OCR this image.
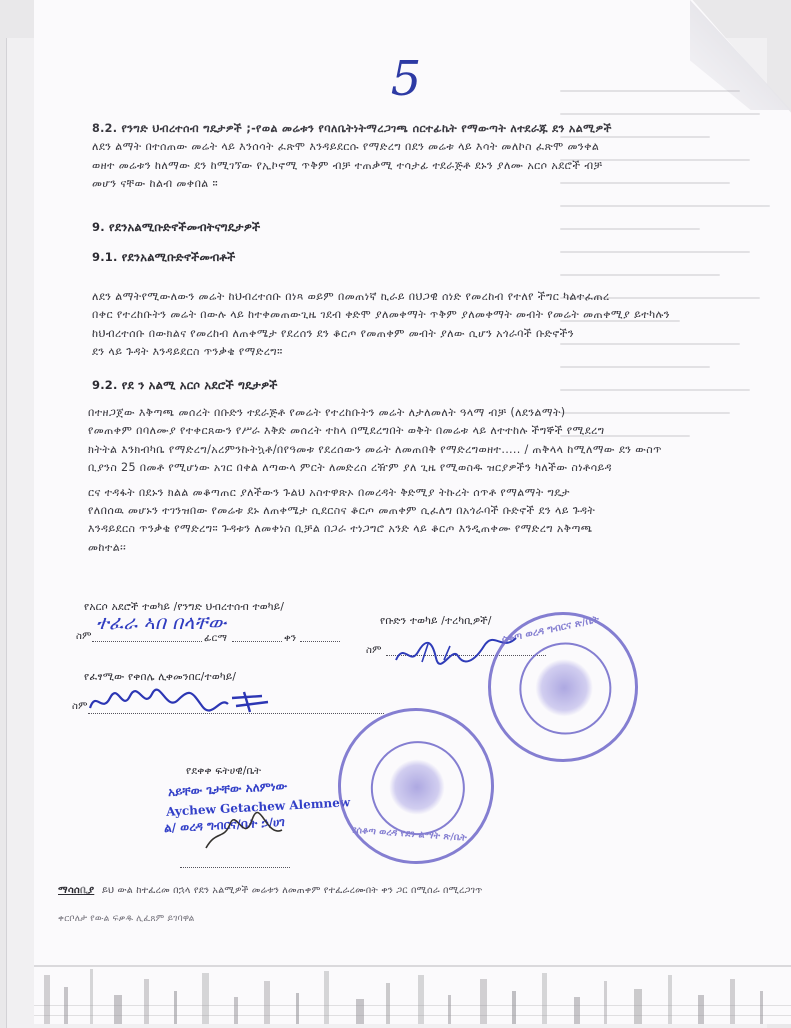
5
8.2. የንግድ ህብረተሰብ ግዴታዎች ;-የወል መሬቱን የባለቤትነትማረጋገጫ ሰርተፊኬት የማውጣት ለተደራጁ ደን አልሚዎች
ለደን ልማት በተሰጠው መሬት ላይ እንሰሳት ፈጽሞ እንዳይደርሱ የማድረግ በደን መሬቱ ላይ እሳት መለኮስ ፈጽሞ መንቀል
ወዘተ መሬቱን ከለማው ደን ከሚገኘው የኢኮኖሚ ጥቅም ብቻ ተጠቃሚ ተሳታፊ ተደራጅቶ ደኑን ያለሙ አርሶ አደሮች ብቻ
መሆን ናቸው ከልብ መቀበል ።
9. የደንአልሚቡድኖችመብትናግዴታዎች
9.1. የደንአልሚቡድኖችመብቶች
ለደን ልማትየሚውለውን መሬት ከህብረተሰቡ በነጻ ወይም በመጠነኛ ኪራይ በህጋዊ ሰነድ የመረከብ የተለየ ችግር ካልተፈጠረ
በቀር የተረከቡትን መሬት በውሉ ላይ ከተቀመጠውጊዜ ገደብ ቀድሞ ያለመቀማት ጥቅም ያለመቀማት መብት የመሬት መጠቀሚያ ይተካሉን
ከህብረተሰቡ በውክልና የመረከብ ለጠቀሜታ የደረሰን ደን ቆርጦ የመጠቀም መብት ያለው ሲሆን አጎራባች ቡድኖችን
ደን ላይ ጉዳት እንዳይደርስ ጥንቃቄ የማድረግ።
9.2. የደ ን አልሚ አርሶ አደሮች ግዴታዎች
በተዘጋጀው እቅጣጫ መሰረት በቡድን ተደራጅቶ የመሬት የተረከቡትን መሬት ለታለመለት ዓላማ ብቻ (ለደንልማት)
የመጠቀም በባለሙያ የተቀርጸውን የሥራ እቅድ መሰረት ተከላ በሚደረግበት ወቅት በመሬቱ ላይ ለተተከሉ ችግኞች የሚደረግ
ክትትል እንክብካቤ የማድረግ/አረምንኩትኳቶ/በየዓመቱ የደረሰውን መሬት ለመጠበቅ የማድረግወዘተ..... / ጠቅላላ ከሚለማው ደን ውስጥ
ቢያንስ 25 በመቶ የሚሆነው አገር በቀል ለጣውላ ምርት ለመድረስ ረዥም ያለ ጊዜ የሚወስዱ ዝርያዎችን ካለችው ስነቶሳይዳ
ርና ተዳፋት በደኑን ክልል መቆጣጠር ያለችውን ጉልህ አስተዋጽኦ በመረዳት ቅድሚያ ትኩረት ሰጥቶ የማልማት ግዴታ
የለበሰዉ መሆኑን ተገንዝበው የመሬቱ ደኑ ለጠቀሜታ ሲደርስና ቆርጦ መጠቀም ሲፈለግ በአጎራባች ቡድኖች ደን ላይ ጉዳት
እንዳይደርስ ጥንቃቄ የማድረግ። ጉዳቱን ለመቀነስ ቢቻል በጋራ ተነጋግሮ አንድ ላይ ቆርጦ እንዲጠቀሙ የማድረግ አቅጣጫ
መከተል፡፡
የአርሶ አደሮች ተወካይ /የንግድ ህብረተሰብ ተወካይ/
ተፈራ ኣበ በላቸው
ስም	ፊርማ	ቀን
የቡድን ተወካይ /ተረካቢዎች/
ስም
የፈፃሚው የቀበሌ ሊቀመንበር/ተወካይ/
ስም
የደቀቀ ፍትሀዊ/ቤት
አይቸው ጌታቸው አለምነው
Aychew Getachew Alemnew
ል/ ወረዳ ግብርና/ቤት ኃ/ሀገ
ሰቆጣ ወረዳ ግብርና ጽ/ቤት
የሰቆጣ ወረዳ የደን ልማት ጽ/ቤት
ማሳሰቢያ ይህ ውል ከተፈረመ በኋላ የደን አልሚዎች መሬቱን ለመጠቀም የተፈራረሙበት ቀን ጋር በሚሰራ በሚረጋገጥ
ቀርቦለታ የውል ፍቃዱ ሊፈጸም ይገባዋል
